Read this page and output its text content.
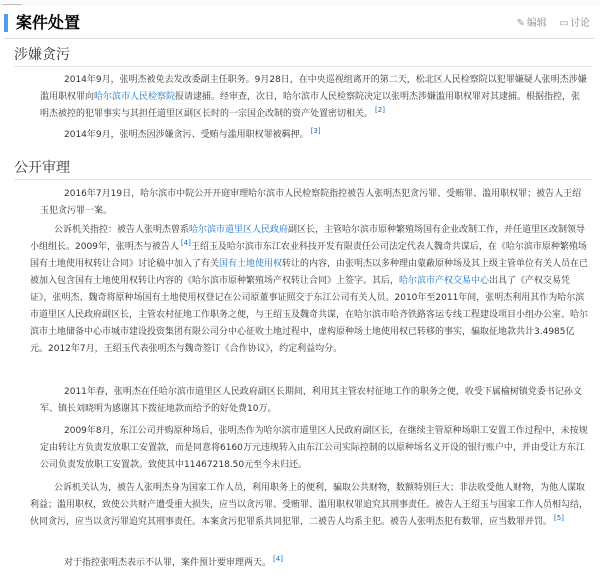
案件处置	✎ 编辑 ▭讨论
涉嫌贪污
2014年9月，张明杰被免去发改委副主任职务。9月28日，在中央巡视组离开的第二天，松北区人民检察院以犯罪嫌疑人张明杰涉嫌滥用职权罪向哈尔滨市人民检察院报请逮捕。经审查，次日，哈尔滨市人民检察院决定以张明杰涉嫌滥用职权罪对其逮捕。根据指控，张明杰被控的犯罪事实与其担任道里区副区长时的一宗国企改制的资产处置密切相关。 [2]
2014年9月，张明杰因涉嫌贪污、受贿与滥用职权罪被羁押。 [3]
公开审理
2016年7月19日，哈尔滨市中院公开开庭审理哈尔滨市人民检察院指控被告人张明杰犯贪污罪、受贿罪、滥用职权罪；被告人王绍玉犯贪污罪一案。
公诉机关指控：被告人张明杰曾系哈尔滨市道里区人民政府副区长，主管哈尔滨市原种繁殖场国有企业改制工作，并任道里区改制领导小组组长。2009年，张明杰与被告人 [4]王绍玉及哈尔滨市东江农业科技开发有限责任公司法定代表人魏奇共谋后，在《哈尔滨市原种繁殖场国有土地使用权转让合同》讨论稿中加入了有关国有土地使用权转让的内容，由张明杰以多种理由蒙蔽原种场及其上级主管单位有关人员在已被加入包含国有土地使用权转让内容的《哈尔滨市原种繁殖场产权转让合同》上签字。其后，哈尔滨市产权交易中心出具了《产权交易凭证》，张明杰、魏奇将原种场国有土地使用权登记在公司原董事证照交于东江公司有关人员。2010年至2011年间，张明杰利用其作为哈尔滨市道里区人民政府副区长，主管农村征地工作职务之便，与王绍玉及魏奇共谋，在哈尔滨市哈齐铁路客运专线工程建设项目小组办公室、哈尔滨市土地储备中心市城市建设投资集团有限公司分中心征收土地过程中，虚构原种场土地使用权已转移的事实，骗取征地款共计3.4985亿元。2012年7月，王绍玉代表张明杰与魏奇签订《合作协议》，约定利益均分。
2011年春，张明杰在任哈尔滨市道里区人民政府副区长期间，利用其主管农村征地工作的职务之便，收受下属榆树镇党委书记孙文军、镇长刘晓明为感谢其下拨征地款而给予的好处费10万。
2009年8月，东江公司并购原种场后，张明杰作为哈尔滨市道里区人民政府副区长，在继续主管原种场职工安置工作过程中，未按规定由转让方负责发放职工安置款，而是同意将6160万元违规转入由东江公司实际控制的以原种场名义开设的银行账户中，并由受让方东江公司负责发放职工安置款。致使其中11467218.50元至今未归还。
公诉机关认为，被告人张明杰身为国家工作人员，利用职务上的便利，骗取公共财物，数额特别巨大；非法收受他人财物，为他人谋取利益；滥用职权，致使公共财产遭受重大损失，应当以贪污罪、受贿罪、滥用职权罪追究其刑事责任。被告人王绍玉与国家工作人员相勾结，伙同贪污，应当以贪污罪追究其刑事责任。本案贪污犯罪系共同犯罪，二被告人均系主犯。被告人张明杰犯有数罪，应当数罪并罚。 [5]
对于指控张明杰表示不认罪，案件预计要审理两天。 [4]
